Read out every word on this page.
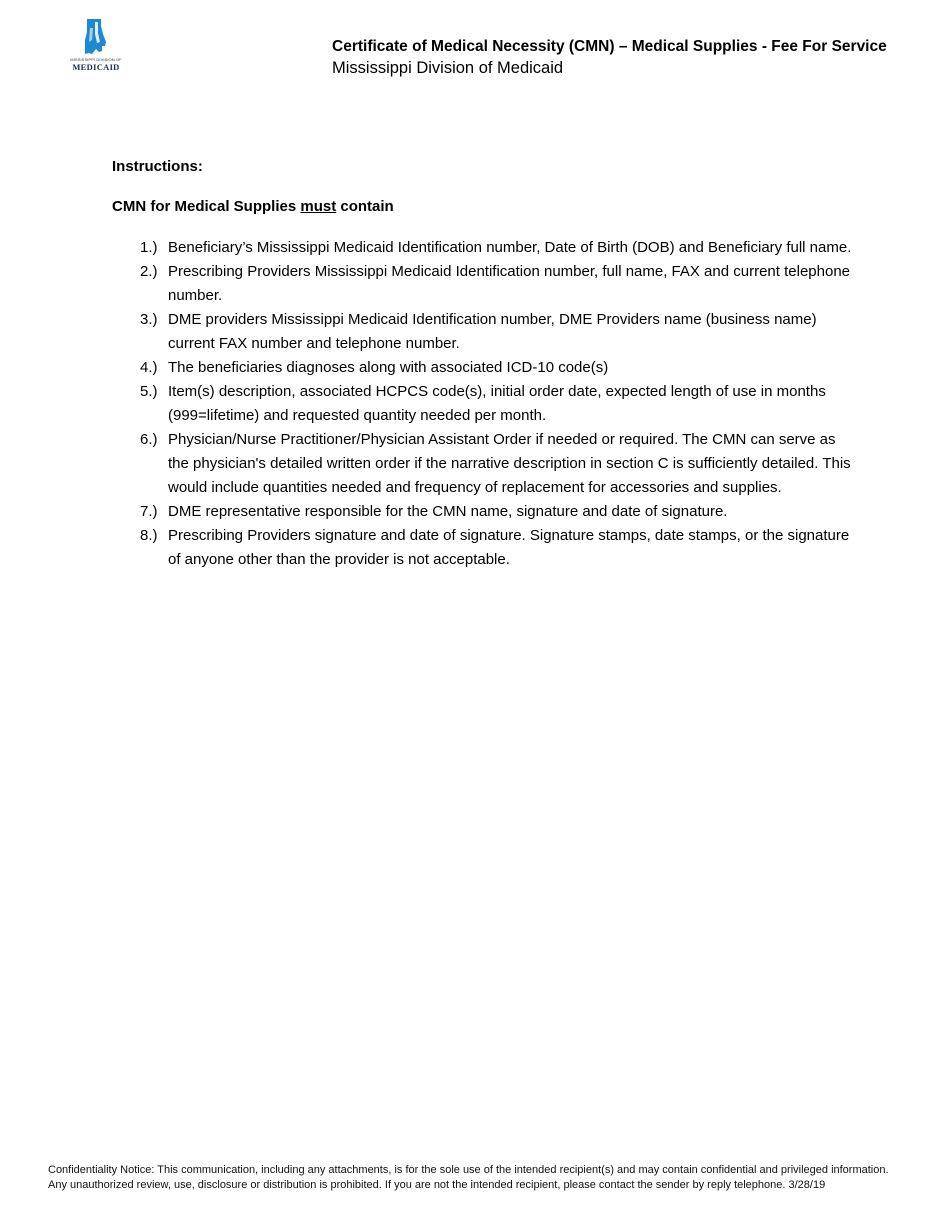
MISSISSIPPI DIVISION OF
MEDICAID
Certificate of Medical Necessity (CMN) – Medical Supplies - Fee For Service
Mississippi Division of Medicaid

Instructions:

CMN for Medical Supplies must contain

1.) Beneficiary’s Mississippi Medicaid Identification number, Date of Birth (DOB) and Beneficiary full name.
2.) Prescribing Providers Mississippi Medicaid Identification number, full name, FAX and current telephone number.
3.) DME providers Mississippi Medicaid Identification number, DME Providers name (business name) current FAX number and telephone number.
4.) The beneficiaries diagnoses along with associated ICD-10 code(s)
5.) Item(s) description, associated HCPCS code(s), initial order date, expected length of use in months (999=lifetime) and requested quantity needed per month.
6.) Physician/Nurse Practitioner/Physician Assistant Order if needed or required. The CMN can serve as the physician's detailed written order if the narrative description in section C is sufficiently detailed. This would include quantities needed and frequency of replacement for accessories and supplies.
7.) DME representative responsible for the CMN name, signature and date of signature.
8.) Prescribing Providers signature and date of signature. Signature stamps, date stamps, or the signature of anyone other than the provider is not acceptable.
Confidentiality Notice: This communication, including any attachments, is for the sole use of the intended recipient(s) and may contain confidential and privileged information. Any unauthorized review, use, disclosure or distribution is prohibited. If you are not the intended recipient, please contact the sender by reply telephone. 3/28/19
